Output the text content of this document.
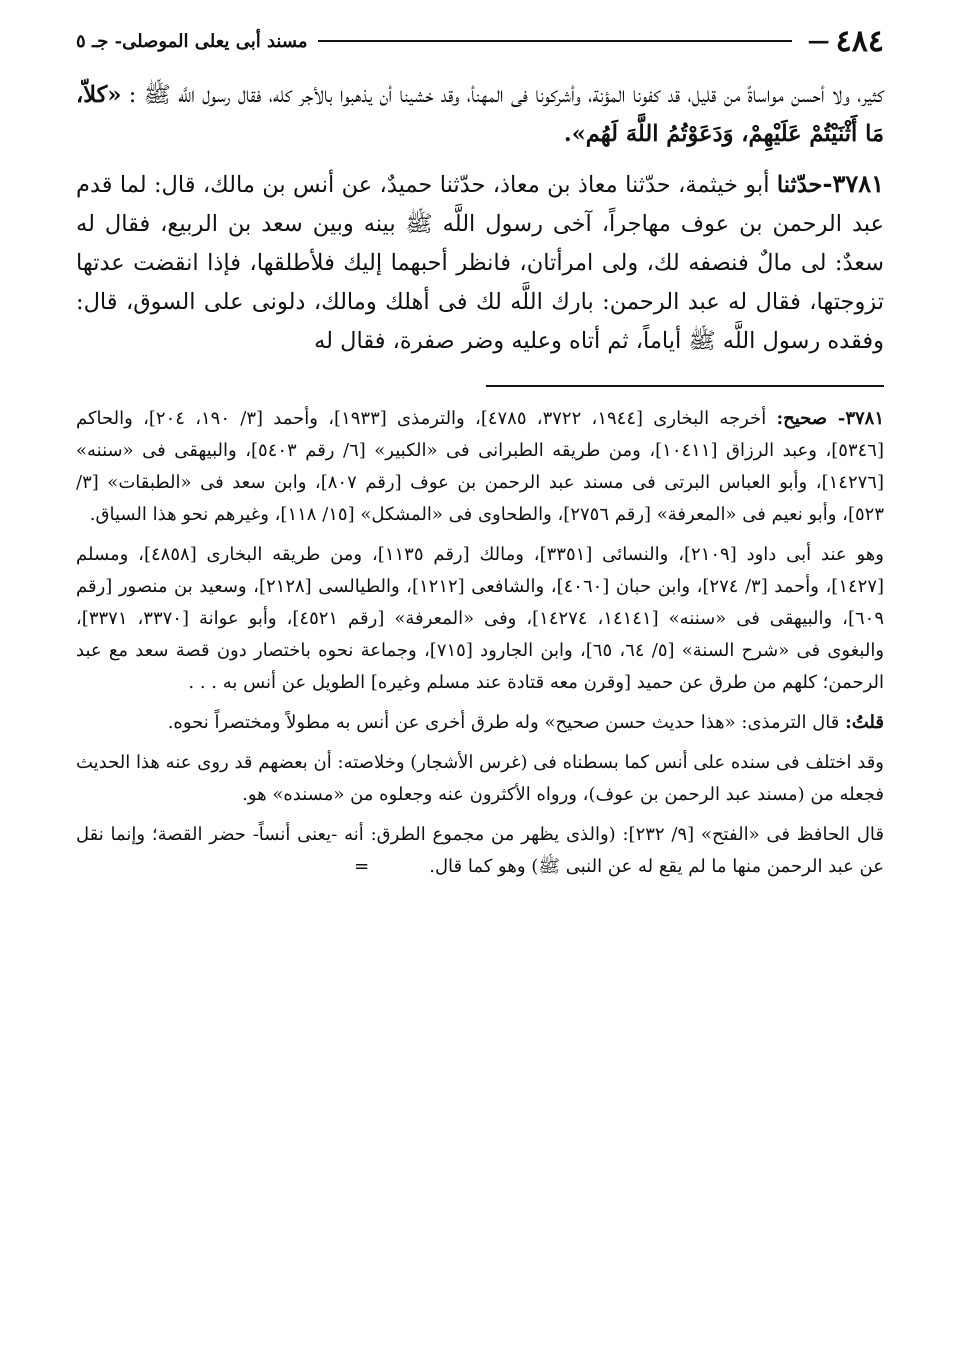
٤٨٤
—
مسند أبى يعلى الموصلى- جـ ٥

كثير، ولا أحسن مواساةً من قليل، قد كفونا المؤنة، وأشركونا فى المهنأ، وقد خشينا أن يذهبوا بالأجر كله، فقال رسول اللَّه ﷺ : «كلاّ، مَا أَثْنَيْتُمْ عَلَيْهِمْ، وَدَعَوْتُمُ اللَّهَ لَهُم».

٣٧٨١-حدّثنا أبو خيثمة، حدّثنا معاذ بن معاذ، حدّثنا حميدٌ، عن أنس بن مالك، قال: لما قدم عبد الرحمن بن عوف مهاجراً، آخى رسول اللَّه ﷺ بينه وبين سعد بن الربيع، فقال له سعدٌ: لى مالٌ فنصفه لك، ولى امرأتان، فانظر أحبهما إليك فلأطلقها، فإذا انقضت عدتها تزوجتها، فقال له عبد الرحمن: بارك اللَّه لك فى أهلك ومالك، دلونى على السوق، قال: وفقده رسول اللَّه ﷺ أياماً، ثم أتاه وعليه وضر صفرة، فقال له

٣٧٨١- صحيح: أخرجه البخارى [١٩٤٤، ٣٧٢٢، ٤٧٨٥]، والترمذى [١٩٣٣]، وأحمد [٣/ ١٩٠، ٢٠٤]، والحاكم [٥٣٤٦]، وعبد الرزاق [١٠٤١١]، ومن طريقه الطبرانى فى «الكبير» [٦/ رقم ٥٤٠٣]، والبيهقى فى «سننه» [١٤٢٧٦]، وأبو العباس البرتى فى مسند عبد الرحمن بن عوف [رقم ٨٠٧]، وابن سعد فى «الطبقات» [٣/ ٥٢٣]، وأبو نعيم فى «المعرفة» [رقم ٢٧٥٦]، والطحاوى فى «المشكل» [١٥/ ١١٨]، وغيرهم نحو هذا السياق.

وهو عند أبى داود [٢١٠٩]، والنسائى [٣٣٥١]، ومالك [رقم ١١٣٥]، ومن طريقه البخارى [٤٨٥٨]، ومسلم [١٤٢٧]، وأحمد [٣/ ٢٧٤]، وابن حبان [٤٠٦٠]، والشافعى [١٢١٢]، والطيالسى [٢١٢٨]، وسعيد بن منصور [رقم ٦٠٩]، والبيهقى فى «سننه» [١٤١٤١، ١٤٢٧٤]، وفى «المعرفة» [رقم ٤٥٢١]، وأبو عوانة [٣٣٧٠، ٣٣٧١]، والبغوى فى «شرح السنة» [٥/ ٦٤، ٦٥]، وابن الجارود [٧١٥]، وجماعة نحوه باختصار دون قصة سعد مع عبد الرحمن؛ كلهم من طرق عن حميد [وقرن معه قتادة عند مسلم وغيره] الطويل عن أنس به . . .

قلتُ: قال الترمذى: «هذا حديث حسن صحيح» وله طرق أخرى عن أنس به مطولاً ومختصراً نحوه.

وقد اختلف فى سنده على أنس كما بسطناه فى (غرس الأشجار) وخلاصته: أن بعضهم قد روى عنه هذا الحديث فجعله من (مسند عبد الرحمن بن عوف)، ورواه الأكثرون عنه وجعلوه من «مسنده» هو.

قال الحافظ فى «الفتح» [٩/ ٢٣٢]: (والذى يظهر من مجموع الطرق: أنه -يعنى أنساً- حضر القصة؛ وإنما نقل عن عبد الرحمن منها ما لم يقع له عن النبى ﷺ) وهو كما قال.=
